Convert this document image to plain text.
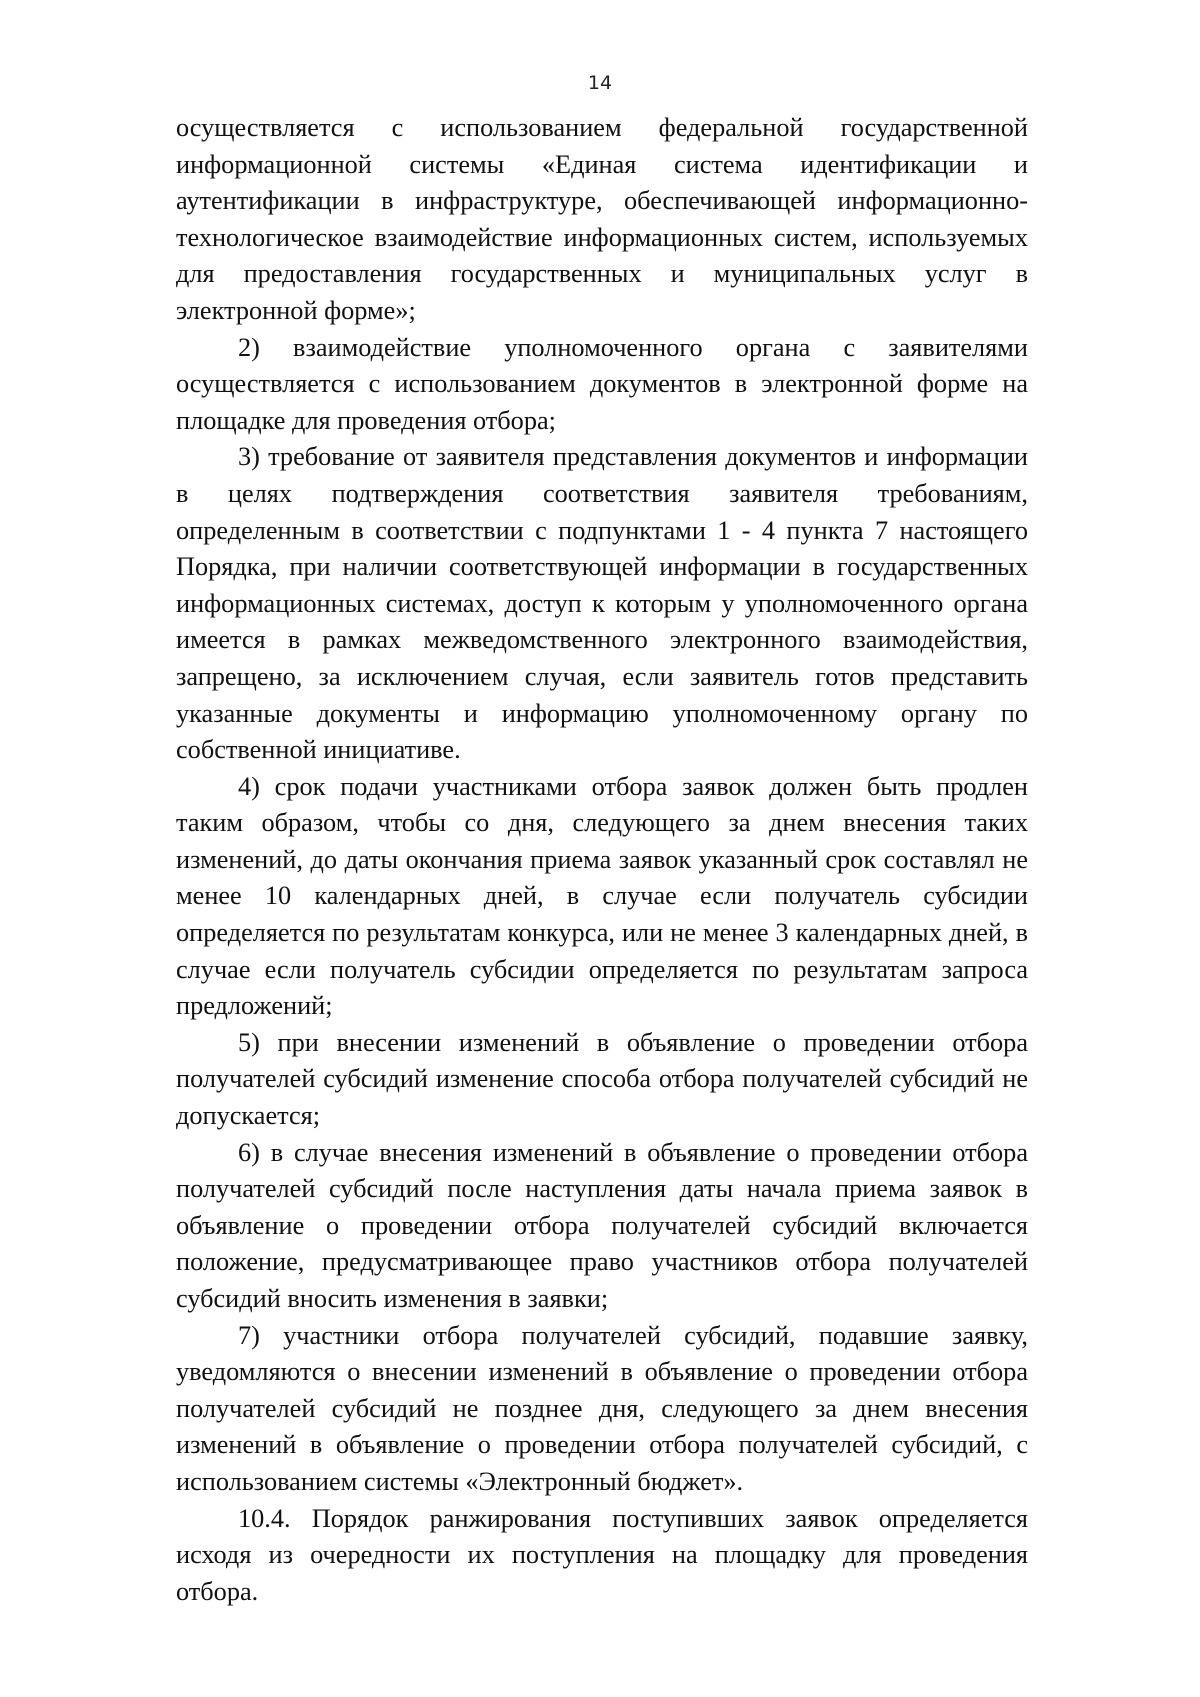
14

осуществляется с использованием федеральной государственной информационной системы «Единая система идентификации и аутентификации в инфраструктуре, обеспечивающей информационно-технологическое взаимодействие информационных систем, используемых для предоставления государственных и муниципальных услуг в электронной форме»;

2) взаимодействие уполномоченного органа с заявителями осуществляется с использованием документов в электронной форме на площадке для проведения отбора;

3) требование от заявителя представления документов и информации в целях подтверждения соответствия заявителя требованиям, определенным в соответствии с подпунктами 1 - 4 пункта 7 настоящего Порядка, при наличии соответствующей информации в государственных информационных системах, доступ к которым у уполномоченного органа имеется в рамках межведомственного электронного взаимодействия, запрещено, за исключением случая, если заявитель готов представить указанные документы и информацию уполномоченному органу по собственной инициативе.

4) срок подачи участниками отбора заявок должен быть продлен таким образом, чтобы со дня, следующего за днем внесения таких изменений, до даты окончания приема заявок указанный срок составлял не менее 10 календарных дней, в случае если получатель субсидии определяется по результатам конкурса, или не менее 3 календарных дней, в случае если получатель субсидии определяется по результатам запроса предложений;

5) при внесении изменений в объявление о проведении отбора получателей субсидий изменение способа отбора получателей субсидий не допускается;

6) в случае внесения изменений в объявление о проведении отбора получателей субсидий после наступления даты начала приема заявок в объявление о проведении отбора получателей субсидий включается положение, предусматривающее право участников отбора получателей субсидий вносить изменения в заявки;

7) участники отбора получателей субсидий, подавшие заявку, уведомляются о внесении изменений в объявление о проведении отбора получателей субсидий не позднее дня, следующего за днем внесения изменений в объявление о проведении отбора получателей субсидий, с использованием системы «Электронный бюджет».

10.4. Порядок ранжирования поступивших заявок определяется исходя из очередности их поступления на площадку для проведения отбора.
